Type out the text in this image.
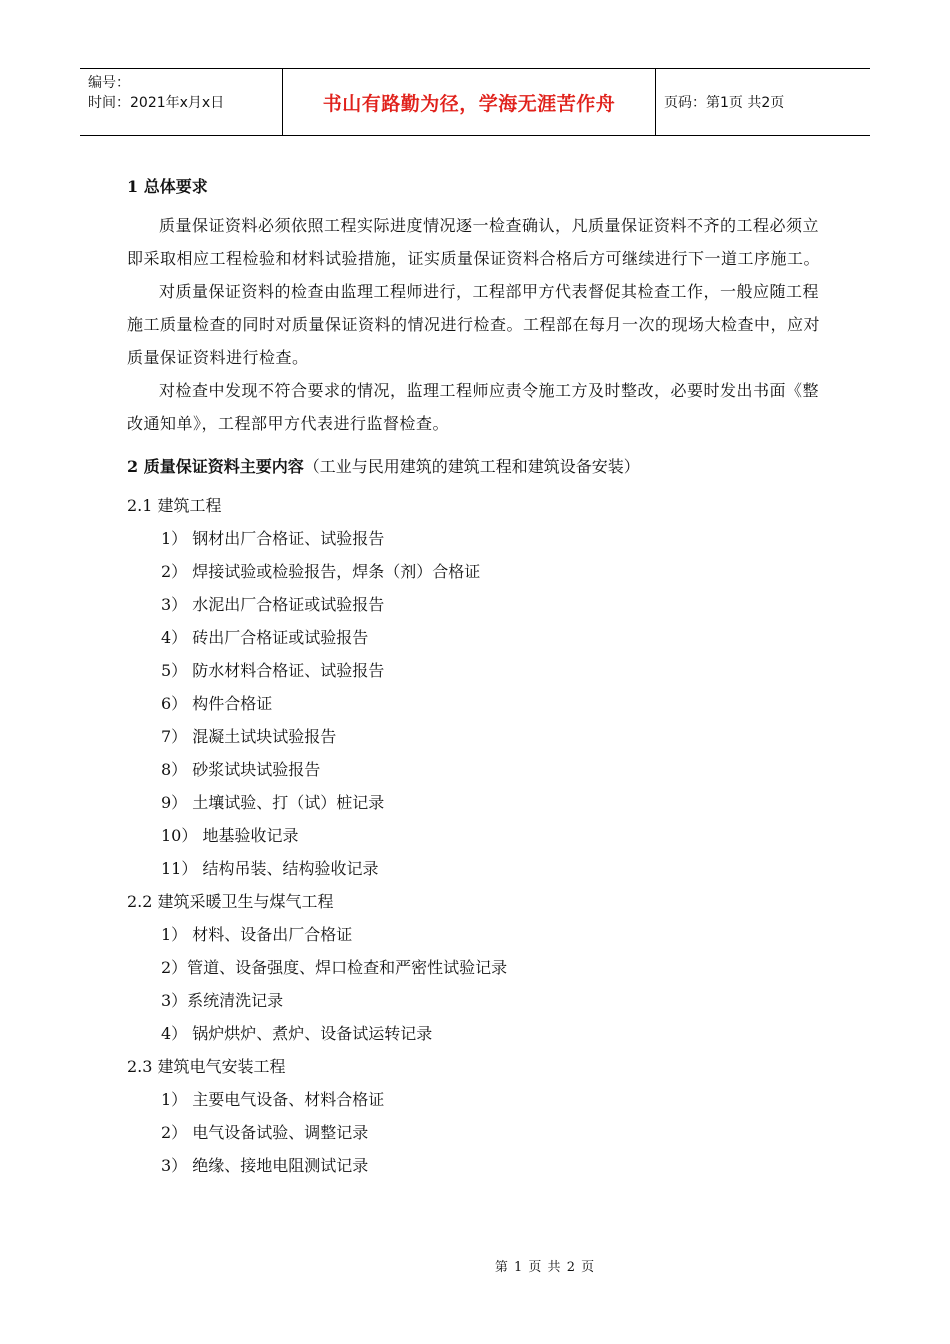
编号：
时间：2021年x月x日	书山有路勤为径，学海无涯苦作舟	页码：第1页 共2页
1 总体要求

质量保证资料必须依照工程实际进度情况逐一检查确认，凡质量保证资料不齐的工程必须立即采取相应工程检验和材料试验措施，证实质量保证资料合格后方可继续进行下一道工序施工。

对质量保证资料的检查由监理工程师进行，工程部甲方代表督促其检查工作，一般应随工程施工质量检查的同时对质量保证资料的情况进行检查。工程部在每月一次的现场大检查中，应对质量保证资料进行检查。

对检查中发现不符合要求的情况，监理工程师应责令施工方及时整改，必要时发出书面《整改通知单》，工程部甲方代表进行监督检查。

2 质量保证资料主要内容（工业与民用建筑的建筑工程和建筑设备安装）
2.1 建筑工程
1） 钢材出厂合格证、试验报告
2） 焊接试验或检验报告，焊条（剂）合格证
3） 水泥出厂合格证或试验报告
4） 砖出厂合格证或试验报告
5） 防水材料合格证、试验报告
6） 构件合格证
7） 混凝土试块试验报告
8） 砂浆试块试验报告
9） 土壤试验、打（试）桩记录
10） 地基验收记录
11） 结构吊装、结构验收记录
2.2 建筑采暖卫生与煤气工程
1） 材料、设备出厂合格证
2）管道、设备强度、焊口检查和严密性试验记录
3）系统清洗记录
4） 锅炉烘炉、煮炉、设备试运转记录
2.3 建筑电气安装工程
1） 主要电气设备、材料合格证
2） 电气设备试验、调整记录
3） 绝缘、接地电阻测试记录
第 1 页 共 2 页
